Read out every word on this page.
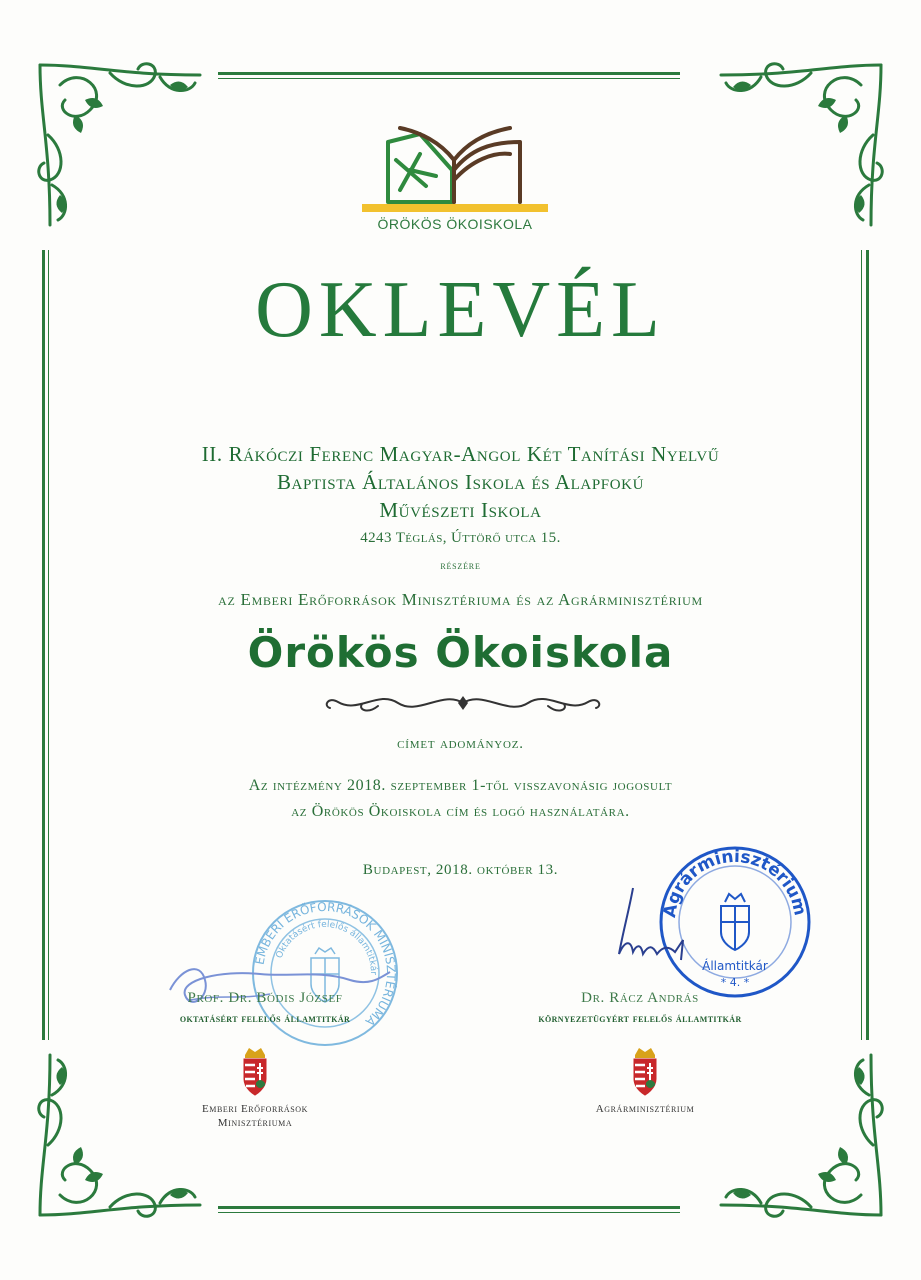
ÖRÖKÖS ÖKOISKOLA
OKLEVÉL
II. Rákóczi Ferenc Magyar-Angol Két Tanítási Nyelvű
Baptista Általános Iskola és Alapfokú
Művészeti Iskola
4243 Téglás, Úttörő utca 15.
részére
az Emberi Erőforrások Minisztériuma és az Agrárminisztérium
Örökös Ökoiskola
címet adományoz.
Az intézmény 2018. szeptember 1-től visszavonásig jogosult
az Örökös Ökoiskola cím és logó használatára.
Budapest, 2018. október 13.
EMBERI ERŐFORRÁSOK MINISZTÉRIUMA
Oktatásért felelős államtitkár
Prof. Dr. Bódis József
oktatásért felelős államtitkár
Agrárminisztérium
Államtitkár
* 4. *
Dr. Rácz András
környezetügyért felelős államtitkár
Emberi Erőforrások
Minisztériuma
Agrárminisztérium
